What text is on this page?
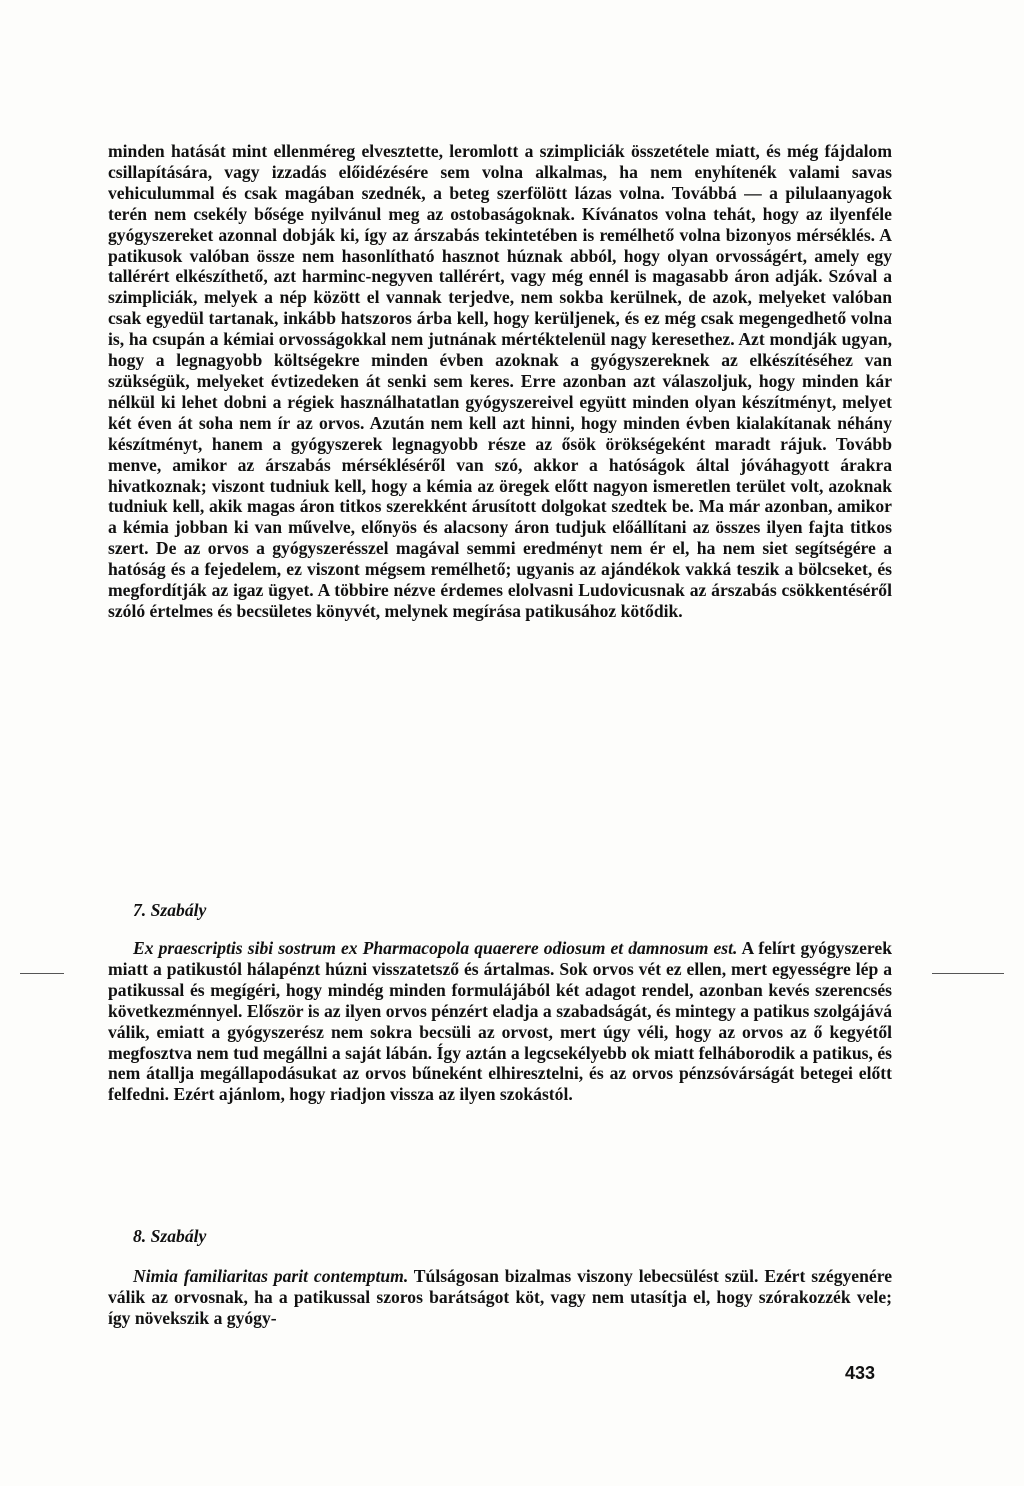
minden hatását mint ellenméreg elvesztette, leromlott a szimpliciák összetétele miatt, és még fájdalom csillapítására, vagy izzadás előidézésére sem volna alkalmas, ha nem enyhítenék valami savas vehiculummal és csak magában szednék, a beteg szerfölött lázas volna. Továbbá — a pilulaanyagok terén nem csekély bősége nyilvánul meg az ostobaságoknak. Kívánatos volna tehát, hogy az ilyenféle gyógyszereket azonnal dobják ki, így az árszabás tekintetében is remélhető volna bizonyos mérséklés. A patikusok valóban össze nem hasonlítható hasznot húznak abból, hogy olyan orvosságért, amely egy tallérért elkészíthető, azt harminc-negyven tallérért, vagy még ennél is magasabb áron adják. Szóval a szimpliciák, melyek a nép között el vannak terjedve, nem sokba kerülnek, de azok, melyeket valóban csak egyedül tartanak, inkább hatszoros árba kell, hogy kerüljenek, és ez még csak megengedhető volna is, ha csupán a kémiai orvosságokkal nem jutnának mértéktelenül nagy keresethez. Azt mondják ugyan, hogy a legnagyobb költségekre minden évben azoknak a gyógyszereknek az elkészítéséhez van szükségük, melyeket évtizedeken át senki sem keres. Erre azonban azt válaszoljuk, hogy minden kár nélkül ki lehet dobni a régiek használhatatlan gyógyszereivel együtt minden olyan készítményt, melyet két éven át soha nem ír az orvos. Azután nem kell azt hinni, hogy minden évben kialakítanak néhány készítményt, hanem a gyógyszerek legnagyobb része az ősök örökségeként maradt rájuk. Tovább menve, amikor az árszabás mérsékléséről van szó, akkor a hatóságok által jóváhagyott árakra hivatkoznak; viszont tudniuk kell, hogy a kémia az öregek előtt nagyon ismeretlen terület volt, azoknak tudniuk kell, akik magas áron titkos szerekként árusított dolgokat szedtek be. Ma már azonban, amikor a kémia jobban ki van művelve, előnyös és alacsony áron tudjuk előállítani az összes ilyen fajta titkos szert. De az orvos a gyógyszerésszel magával semmi eredményt nem ér el, ha nem siet segítségére a hatóság és a fejedelem, ez viszont mégsem remélhető; ugyanis az ajándékok vakká teszik a bölcseket, és megfordítják az igaz ügyet. A többire nézve érdemes elolvasni Ludovicusnak az árszabás csökkentéséről szóló értelmes és becsületes könyvét, melynek megírása patikusához kötődik.

7. Szabály

Ex praescriptis sibi sostrum ex Pharmacopola quaerere odiosum et damnosum est. A felírt gyógyszerek miatt a patikustól hálapénzt húzni visszatetsző és ártalmas. Sok orvos vét ez ellen, mert egyességre lép a patikussal és megígéri, hogy mindég minden formulájából két adagot rendel, azonban kevés szerencsés következménnyel. Először is az ilyen orvos pénzért eladja a szabadságát, és mintegy a patikus szolgájává válik, emiatt a gyógyszerész nem sokra becsüli az orvost, mert úgy véli, hogy az orvos az ő kegyétől megfosztva nem tud megállni a saját lábán. Így aztán a legcsekélyebb ok miatt felháborodik a patikus, és nem átallja megállapodásukat az orvos bűneként elhiresztelni, és az orvos pénzsóvárságát betegei előtt felfedni. Ezért ajánlom, hogy riadjon vissza az ilyen szokástól.

8. Szabály

Nimia familiaritas parit contemptum. Túlságosan bizalmas viszony lebecsülést szül. Ezért szégyenére válik az orvosnak, ha a patikussal szoros barátságot köt, vagy nem utasítja el, hogy szórakozzék vele; így növekszik a gyógy-

433
